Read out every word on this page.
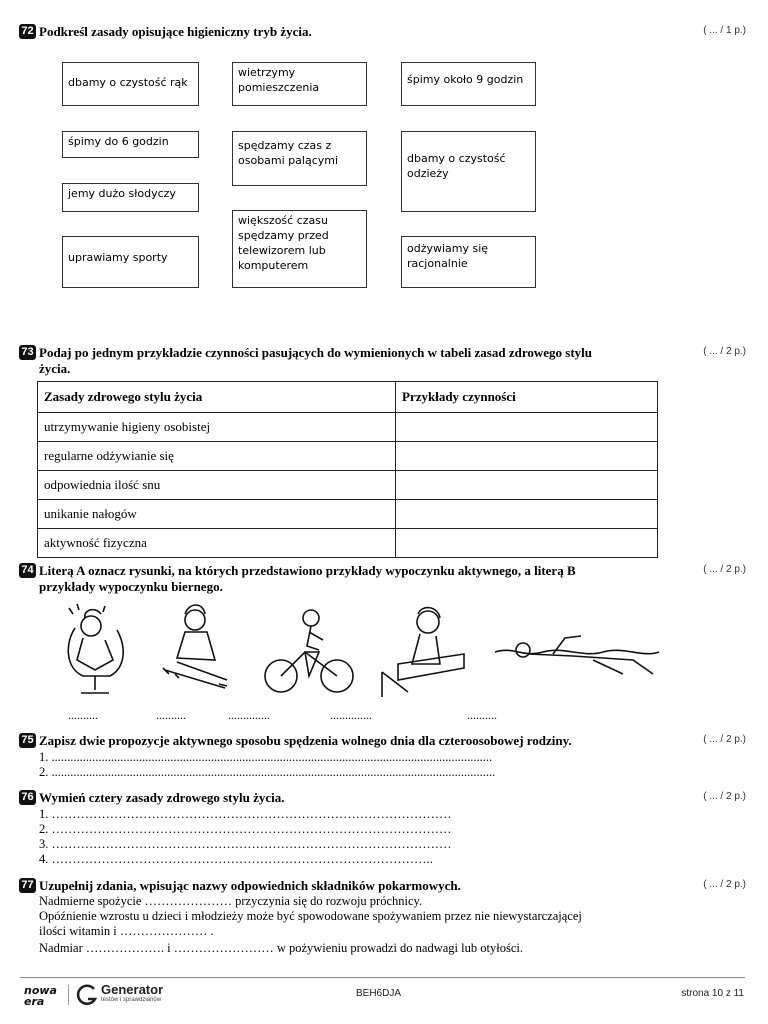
72 Podkreśl zasady opisujące higieniczny tryb życia.	( ... / 1 p.)
dbamy o czystość rąk
wietrzymy pomieszczenia
śpimy około 9 godzin
śpimy do 6 godzin	spędzamy czas z osobami palącymi	dbamy o czystość odzieży
jemy dużo słodyczy
większość czasu spędzamy przed telewizorem lub komputerem
uprawiamy sporty
odżywiamy się racjonalnie
73 Podaj po jednym przykładzie czynności pasujących do wymienionych w tabeli zasad zdrowego stylu
życia.
( ... / 2 p.)
Zasady zdrowego stylu życia	Przykłady czynności
utrzymywanie higieny osobistej	
regularne odżywianie się	
odpowiednia ilość snu	
unikanie nałogów	
aktywność fizyczna	
74 Literą A oznacz rysunki, na których przedstawiono przykłady wypoczynku aktywnego, a literą B
przykłady wypoczynku biernego.
( ... / 2 p.)
..........	..........	..............	..............	..........
75 Zapisz dwie propozycje aktywnego sposobu spędzenia wolnego dnia dla czteroosobowej rodziny.	( ... / 2 p.)
1. .............................................................................................................................................
2. ..............................................................................................................................................
76 Wymień cztery zasady zdrowego stylu życia.	( ... / 2 p.)
1. ……………………………………………………………………………………
2. ……………………………………………………………………………………
3. ……………………………………………………………………………………
4. ………………………………………………………………………………..
77 Uzupełnij zdania, wpisując nazwy odpowiednich składników pokarmowych.	( ... / 2 p.)
Nadmierne spożycie ………………… przyczynia się do rozwoju próchnicy.
Opóźnienie wzrostu u dzieci i młodzieży może być spowodowane spożywaniem przez nie niewystarczającej
ilości witamin i ………………… .
Nadmiar ………………. i …………………… w pożywieniu prowadzi do nadwagi lub otyłości.
nowa era
Generator
testów i sprawdzianów
BEH6DJA	strona 10 z 11
